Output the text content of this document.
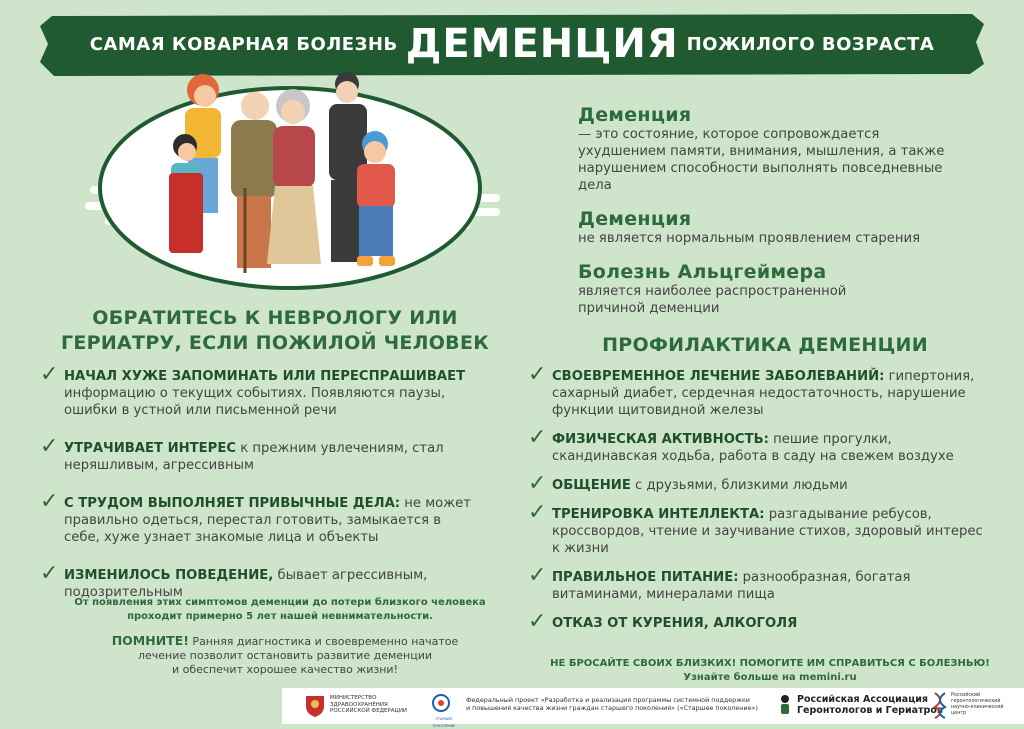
САМАЯ КОВАРНАЯ БОЛЕЗНЬ ДЕМЕНЦИЯ ПОЖИЛОГО ВОЗРАСТА
Деменция
— это состояние, которое сопровождается ухудшением памяти, внимания, мышления, а также нарушением способности выполнять повседневные дела
Деменция
не является нормальным проявлением старения
Болезнь Альцгеймера
является наиболее распространенной причиной деменции
ОБРАТИТЕСЬ К НЕВРОЛОГУ ИЛИ
ГЕРИАТРУ, ЕСЛИ ПОЖИЛОЙ ЧЕЛОВЕК
✓ НАЧАЛ ХУЖЕ ЗАПОМИНАТЬ ИЛИ ПЕРЕСПРАШИВАЕТ информацию о текущих событиях. Появляются паузы, ошибки в устной или письменной речи
✓ УТРАЧИВАЕТ ИНТЕРЕС к прежним увлечениям, стал неряшливым, агрессивным
✓ С ТРУДОМ ВЫПОЛНЯЕТ ПРИВЫЧНЫЕ ДЕЛА: не может правильно одеться, перестал готовить, замыкается в себе, хуже узнает знакомые лица и объекты
✓ ИЗМЕНИЛОСЬ ПОВЕДЕНИЕ, бывает агрессивным, подозрительным
От появления этих симптомов деменции до потери близкого человека
проходит примерно 5 лет нашей невнимательности.
ПОМНИТЕ! Ранняя диагностика и своевременно начатое
лечение позволит остановить развитие деменции
и обеспечит хорошее качество жизни!
ПРОФИЛАКТИКА ДЕМЕНЦИИ
✓ СВОЕВРЕМЕННОЕ ЛЕЧЕНИЕ ЗАБОЛЕВАНИЙ: гипертония, сахарный диабет, сердечная недостаточность, нарушение функции щитовидной железы
✓ ФИЗИЧЕСКАЯ АКТИВНОСТЬ: пешие прогулки, скандинавская ходьба, работа в саду на свежем воздухе
✓ ОБЩЕНИЕ с друзьями, близкими людьми
✓ ТРЕНИРОВКА ИНТЕЛЛЕКТА: разгадывание ребусов, кроссвордов, чтение и заучивание стихов, здоровый интерес к жизни
✓ ПРАВИЛЬНОЕ ПИТАНИЕ: разнообразная, богатая витаминами, минералами пища
✓ ОТКАЗ ОТ КУРЕНИЯ, АЛКОГОЛЯ
НЕ БРОСАЙТЕ СВОИХ БЛИЗКИХ! ПОМОГИТЕ ИМ СПРАВИТЬСЯ С БОЛЕЗНЬЮ!
Узнайте больше на memini.ru
МИНИСТЕРСТВО
ЗДРАВООХРАНЕНИЯ
РОССИЙСКОЙ ФЕДЕРАЦИИ
СТАРШЕЕ ПОКОЛЕНИЕ
Федеральный проект «Разработка и реализация программы системной поддержки
и повышения качества жизни граждан старшего поколения» («Старшее поколение»)
Российская Ассоциация
Геронтологов и Гериатров
Российский
геронтологический
научно-клинический
центр
